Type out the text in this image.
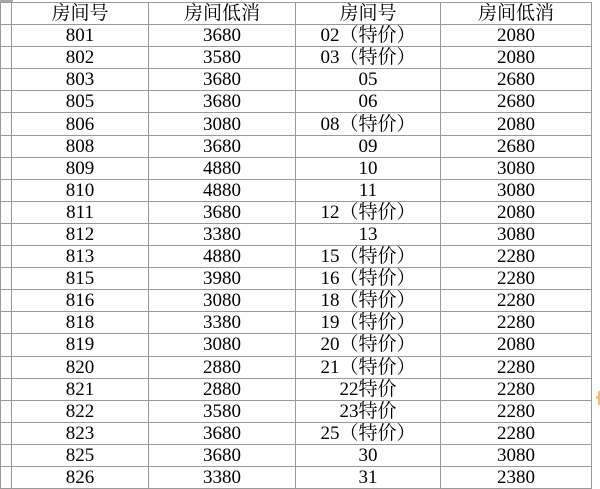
	房间号	房间低消	房间号	房间低消
	801	3680	02（特价）	2080
	802	3580	03（特价）	2080
	803	3680	05	2680
	805	3680	06	2680
	806	3080	08（特价）	2080
	808	3680	09	2680
	809	4880	10	3080
	810	4880	11	3080
	811	3680	12（特价）	2080
	812	3380	13	3080
	813	4880	15（特价）	2280
	815	3980	16（特价）	2280
	816	3080	18（特价）	2280
	818	3380	19（特价）	2280
	819	3080	20（特价）	2080
	820	2880	21（特价）	2280
	821	2880	22特价	2280
	822	3580	23特价	2280
	823	3680	25（特价）	2280
	825	3680	30	3080
	826	3380	31	2380
